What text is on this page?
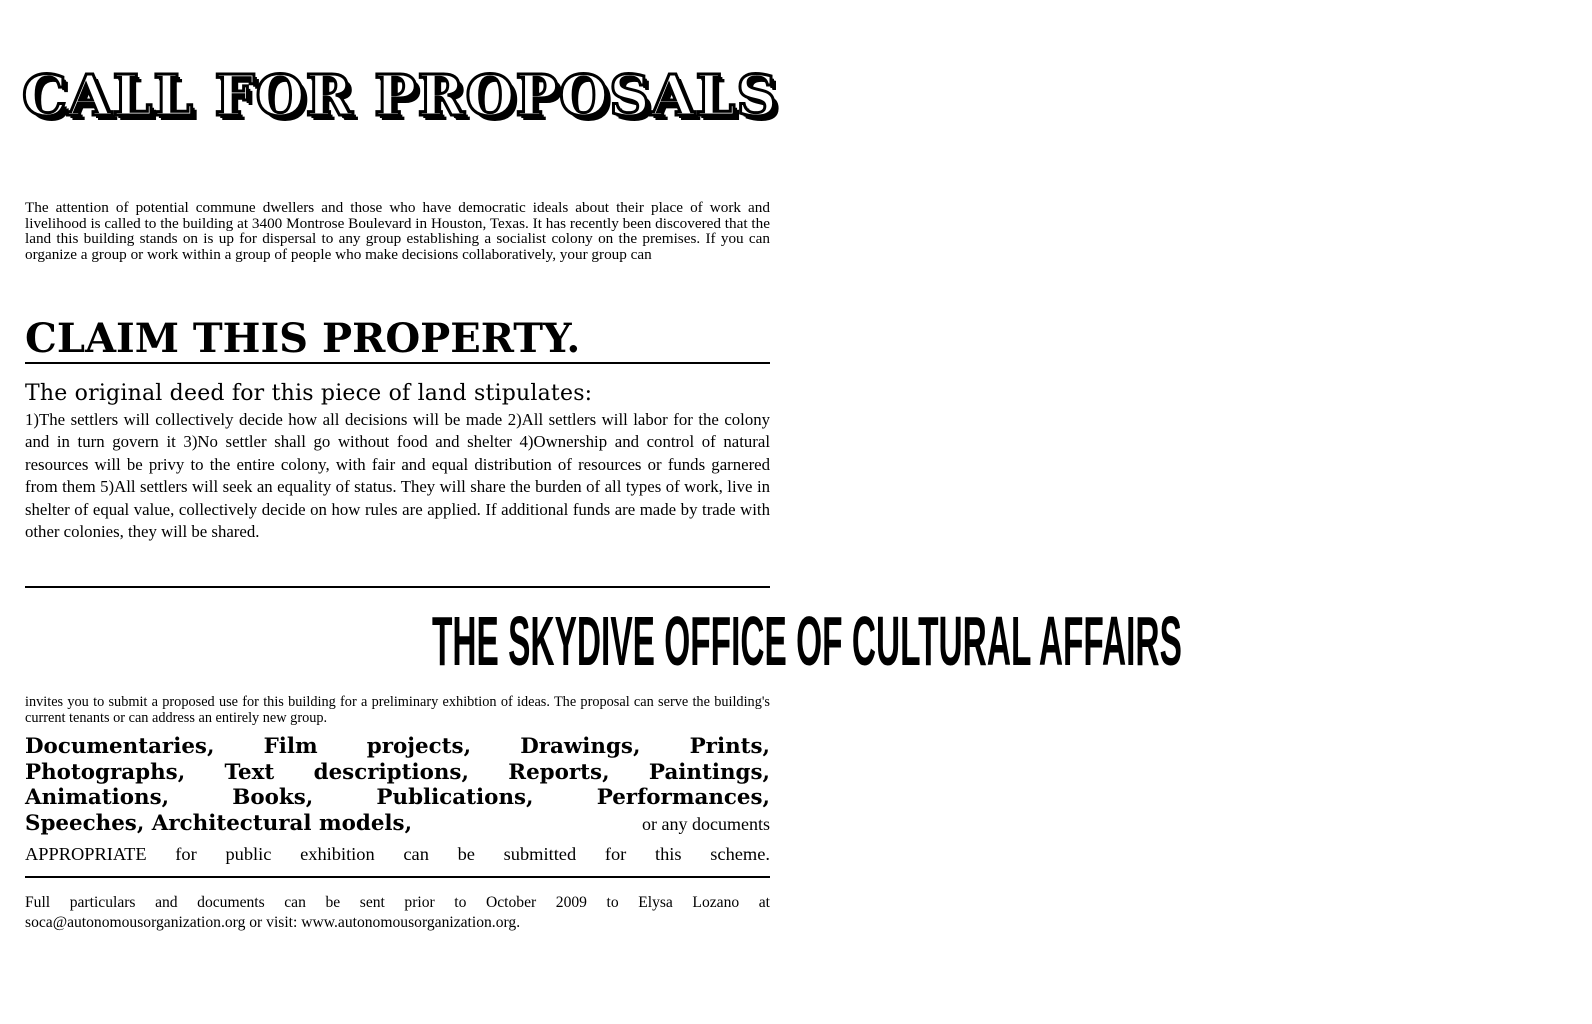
CALL FOR PROPOSALS

The attention of potential commune dwellers and those who have democratic ideals about their place of work and livelihood is called to the building at 3400 Montrose Boulevard in Houston, Texas. It has recently been discovered that the land this building stands on is up for dispersal to any group establishing a socialist colony on the premises. If you can organize a group or work within a group of people who make decisions collaboratively, your group can

CLAIM THIS PROPERTY.
The original deed for this piece of land stipulates:

1)The settlers will collectively decide how all decisions will be made 2)All settlers will labor for the colony and in turn govern it 3)No settler shall go without food and shelter 4)Ownership and control of natural resources will be privy to the entire colony, with fair and equal distribution of resources or funds garnered from them 5)All settlers will seek an equality of status. They will share the burden of all types of work, live in shelter of equal value, collectively decide on how rules are applied. If additional funds are made by trade with other colonies, they will be shared.

THE SKYDIVE OFFICE OF CULTURAL AFFAIRS

invites you to submit a proposed use for this building for a preliminary exhibtion of ideas. The proposal can serve the building's current tenants or can address an entirely new group.

Documentaries, Film projects, Drawings, Prints,
Photographs, Text descriptions, Reports, Paintings,
Animations, Books, Publications, Performances,
Speeches, Architectural models,	or any documents
APPROPRIATE for public exhibition can be submitted for this scheme.

Full particulars and documents can be sent prior to October 2009 to Elysa Lozano at soca@autonomousorganization.org or visit: www.autonomousorganization.org.
